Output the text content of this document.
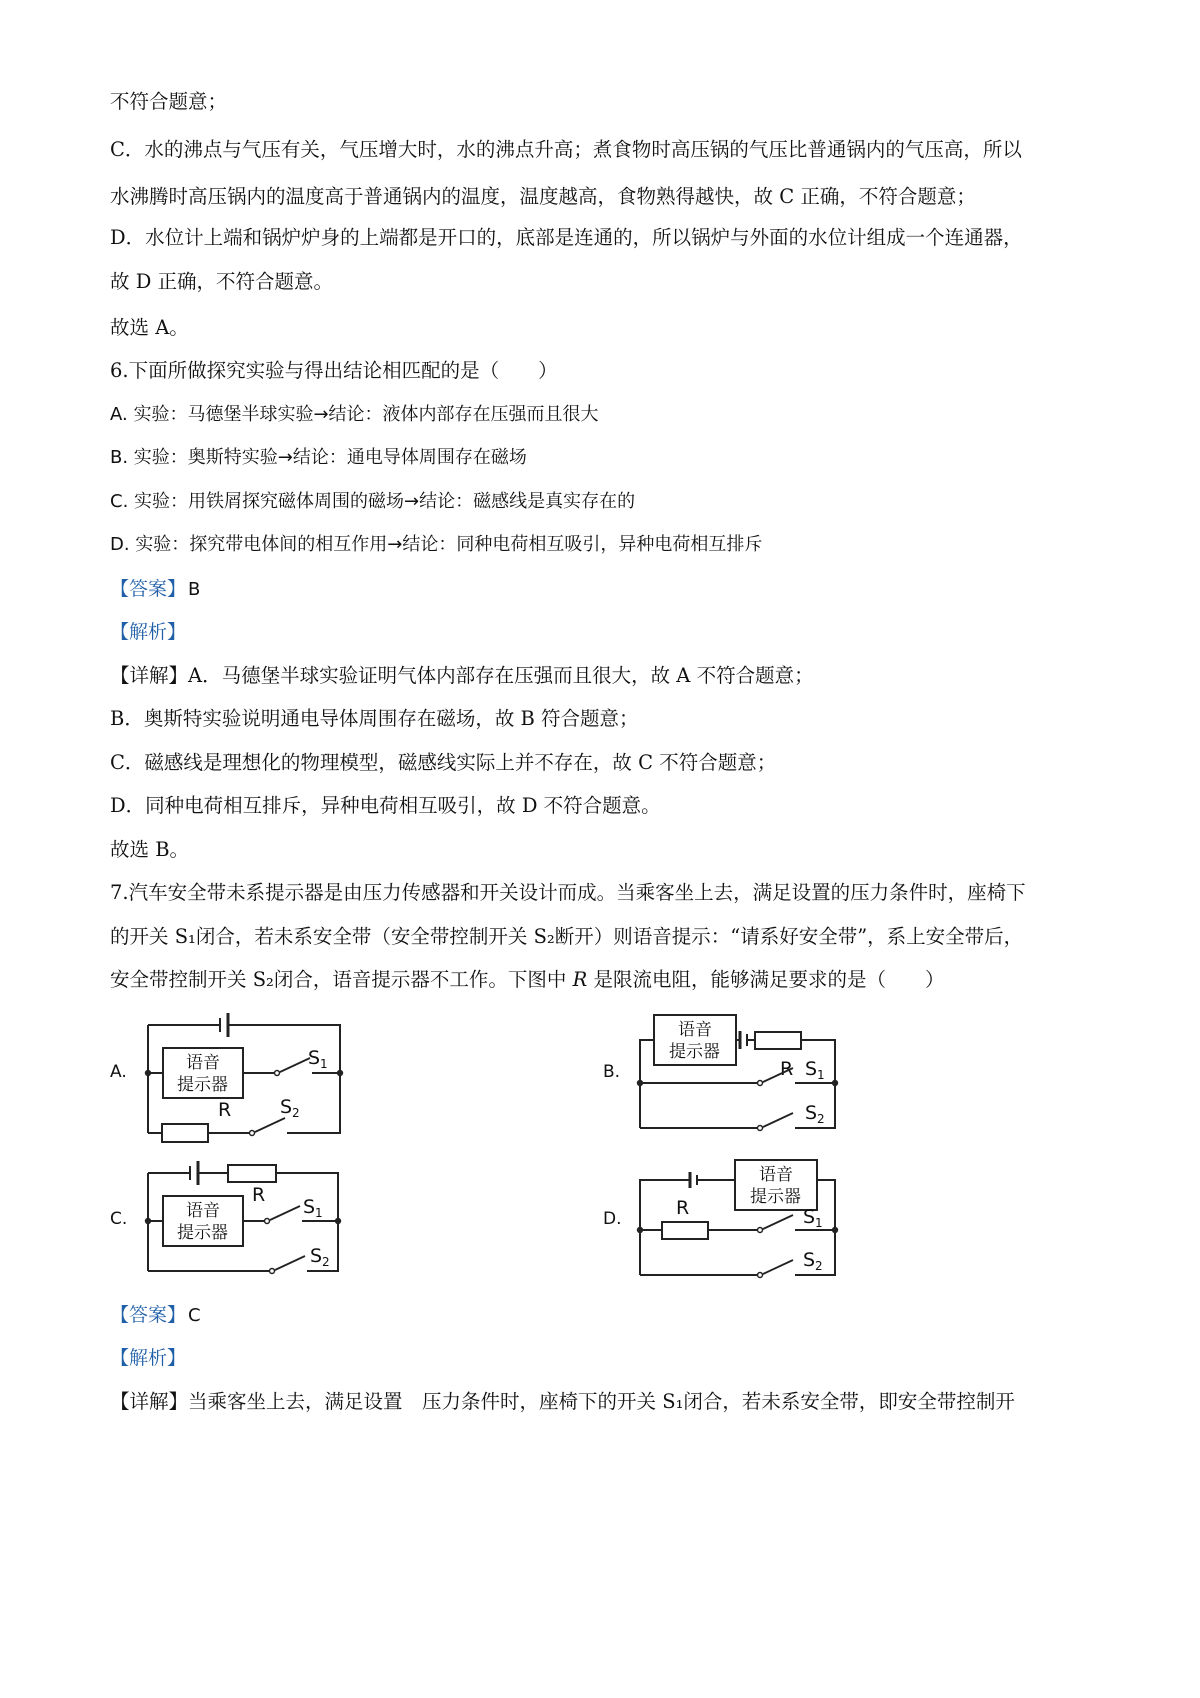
不符合题意；
C．水的沸点与气压有关，气压增大时，水的沸点升高；煮食物时高压锅的气压比普通锅内的气压高，所以
水沸腾时高压锅内的温度高于普通锅内的温度，温度越高，食物熟得越快，故 C 正确，不符合题意；
D．水位计上端和锅炉炉身的上端都是开口的，底部是连通的，所以锅炉与外面的水位计组成一个连通器，
故 D 正确，不符合题意。
故选 A。
6.下面所做探究实验与得出结论相匹配的是（　　）
A. 实验：马德堡半球实验→结论：液体内部存在压强而且很大
B. 实验：奥斯特实验→结论：通电导体周围存在磁场
C. 实验：用铁屑探究磁体周围的磁场→结论：磁感线是真实存在的
D. 实验：探究带电体间的相互作用→结论：同种电荷相互吸引，异种电荷相互排斥
【答案】 B
【解析】
【详解】A．马德堡半球实验证明气体内部存在压强而且很大，故 A 不符合题意；
B．奥斯特实验说明通电导体周围存在磁场，故 B 符合题意；
C．磁感线是理想化的物理模型，磁感线实际上并不存在，故 C 不符合题意；
D．同种电荷相互排斥，异种电荷相互吸引，故 D 不符合题意。
故选 B。
7.汽车安全带未系提示器是由压力传感器和开关设计而成。当乘客坐上去，满足设置的压力条件时，座椅下
的开关 S₁闭合，若未系安全带（安全带控制开关 S₂断开）则语音提示：“请系好安全带”，系上安全带后，
安全带控制开关 S₂闭合，语音提示器不工作。下图中 R 是限流电阻，能够满足要求的是（　　）
A.	B.
C.	D.
语音
提示器
S 1
R	S 2
语音
提示器
R S 1
S 2
R
语音
提示器
S 1
S 2
语音
提示器
R	S 1
S 2
【答案】 C
【解析】
【详解】当乘客坐上去，满足设置　压力条件时，座椅下的开关 S₁闭合，若未系安全带，即安全带控制开
